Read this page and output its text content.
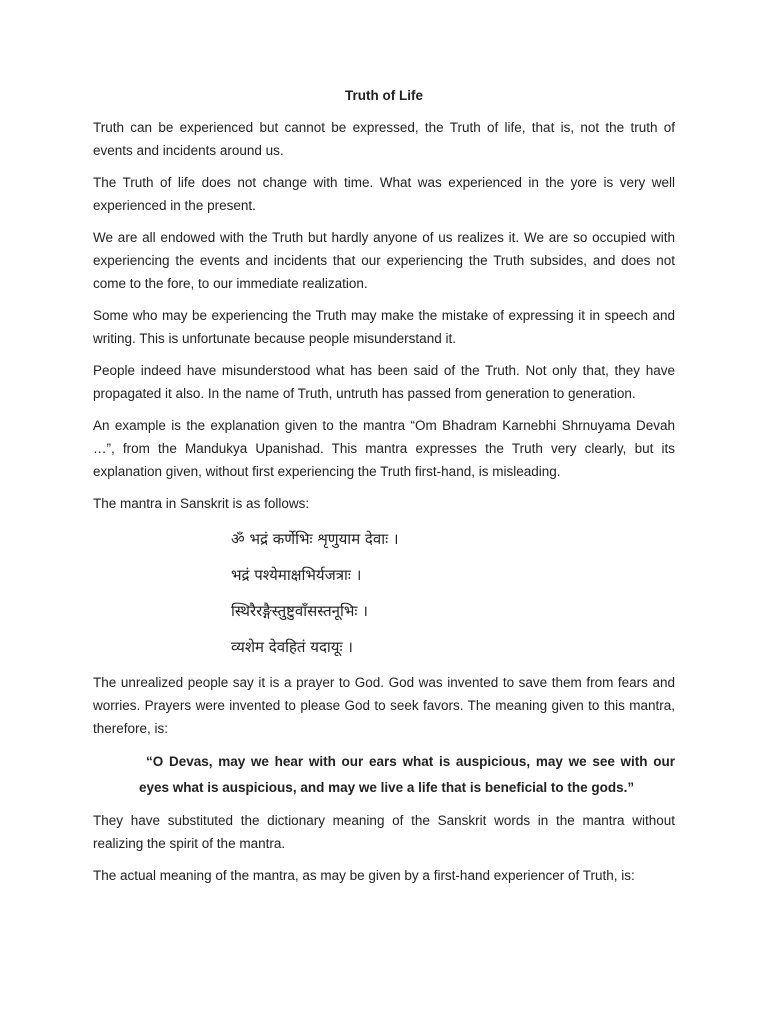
Truth of Life

Truth can be experienced but cannot be expressed, the Truth of life, that is, not the truth of events and incidents around us.

The Truth of life does not change with time. What was experienced in the yore is very well experienced in the present.

We are all endowed with the Truth but hardly anyone of us realizes it. We are so occupied with experiencing the events and incidents that our experiencing the Truth subsides, and does not come to the fore, to our immediate realization.

Some who may be experiencing the Truth may make the mistake of expressing it in speech and writing. This is unfortunate because people misunderstand it.

People indeed have misunderstood what has been said of the Truth. Not only that, they have propagated it also. In the name of Truth, untruth has passed from generation to generation.

An example is the explanation given to the mantra “Om Bhadram Karnebhi Shrnuyama Devah …”, from the Mandukya Upanishad. This mantra expresses the Truth very clearly, but its explanation given, without first experiencing the Truth first-hand, is misleading.

The mantra in Sanskrit is as follows:

ॐ भद्रं कर्णेभिः शृणुयाम देवाः ।
भद्रं पश्येमाक्षभिर्यजत्राः ।
स्थिरैरङ्गैस्तुष्टुवाँसस्तनूभिः ।
व्यशेम देवहितं यदायूः ।

The unrealized people say it is a prayer to God. God was invented to save them from fears and worries. Prayers were invented to please God to seek favors. The meaning given to this mantra, therefore, is:

“O Devas, may we hear with our ears what is auspicious, may we see with our eyes what is auspicious, and may we live a life that is beneficial to the gods.”

They have substituted the dictionary meaning of the Sanskrit words in the mantra without realizing the spirit of the mantra.

The actual meaning of the mantra, as may be given by a first-hand experiencer of Truth, is:
